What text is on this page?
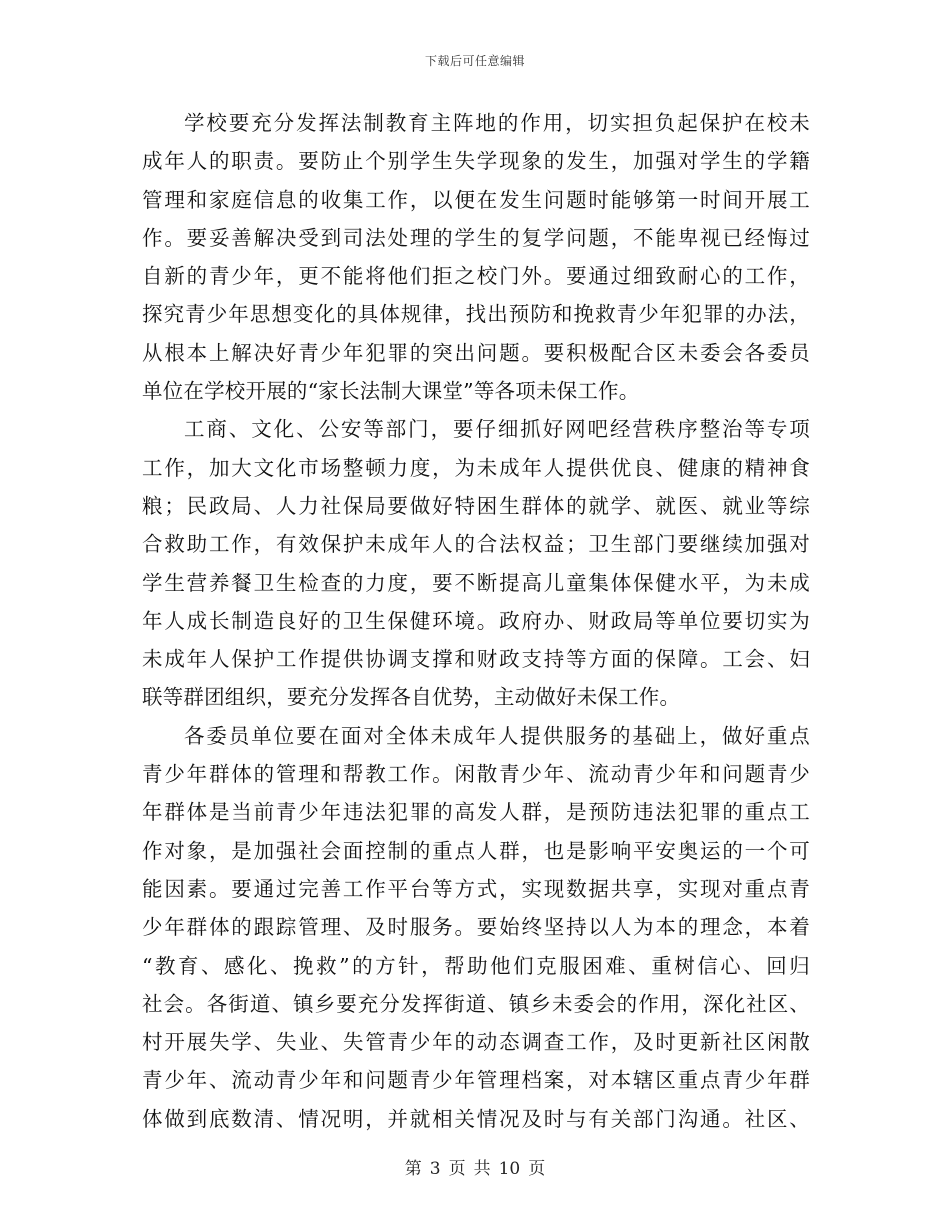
下载后可任意编辑
学校要充分发挥法制教育主阵地的作用，切实担负起保护在校未
成年人的职责。要防止个别学生失学现象的发生，加强对学生的学籍
管理和家庭信息的收集工作，以便在发生问题时能够第一时间开展工
作。要妥善解决受到司法处理的学生的复学问题，不能卑视已经悔过
自新的青少年，更不能将他们拒之校门外。要通过细致耐心的工作，
探究青少年思想变化的具体规律，找出预防和挽救青少年犯罪的办法，
从根本上解决好青少年犯罪的突出问题。要积极配合区未委会各委员
单位在学校开展的“家长法制大课堂”等各项未保工作。
工商、文化、公安等部门，要仔细抓好网吧经营秩序整治等专项
工作，加大文化市场整顿力度，为未成年人提供优良、健康的精神食
粮；民政局、人力社保局要做好特困生群体的就学、就医、就业等综
合救助工作，有效保护未成年人的合法权益；卫生部门要继续加强对
学生营养餐卫生检查的力度，要不断提高儿童集体保健水平，为未成
年人成长制造良好的卫生保健环境。政府办、财政局等单位要切实为
未成年人保护工作提供协调支撑和财政支持等方面的保障。工会、妇
联等群团组织，要充分发挥各自优势，主动做好未保工作。
各委员单位要在面对全体未成年人提供服务的基础上，做好重点
青少年群体的管理和帮教工作。闲散青少年、流动青少年和问题青少
年群体是当前青少年违法犯罪的高发人群，是预防违法犯罪的重点工
作对象，是加强社会面控制的重点人群，也是影响平安奥运的一个可
能因素。要通过完善工作平台等方式，实现数据共享，实现对重点青
少年群体的跟踪管理、及时服务。要始终坚持以人为本的理念，本着
“教育、感化、挽救”的方针，帮助他们克服困难、重树信心、回归
社会。各街道、镇乡要充分发挥街道、镇乡未委会的作用，深化社区、
村开展失学、失业、失管青少年的动态调查工作，及时更新社区闲散
青少年、流动青少年和问题青少年管理档案，对本辖区重点青少年群
体做到底数清、情况明，并就相关情况及时与有关部门沟通。社区、
第 3 页 共 10 页
